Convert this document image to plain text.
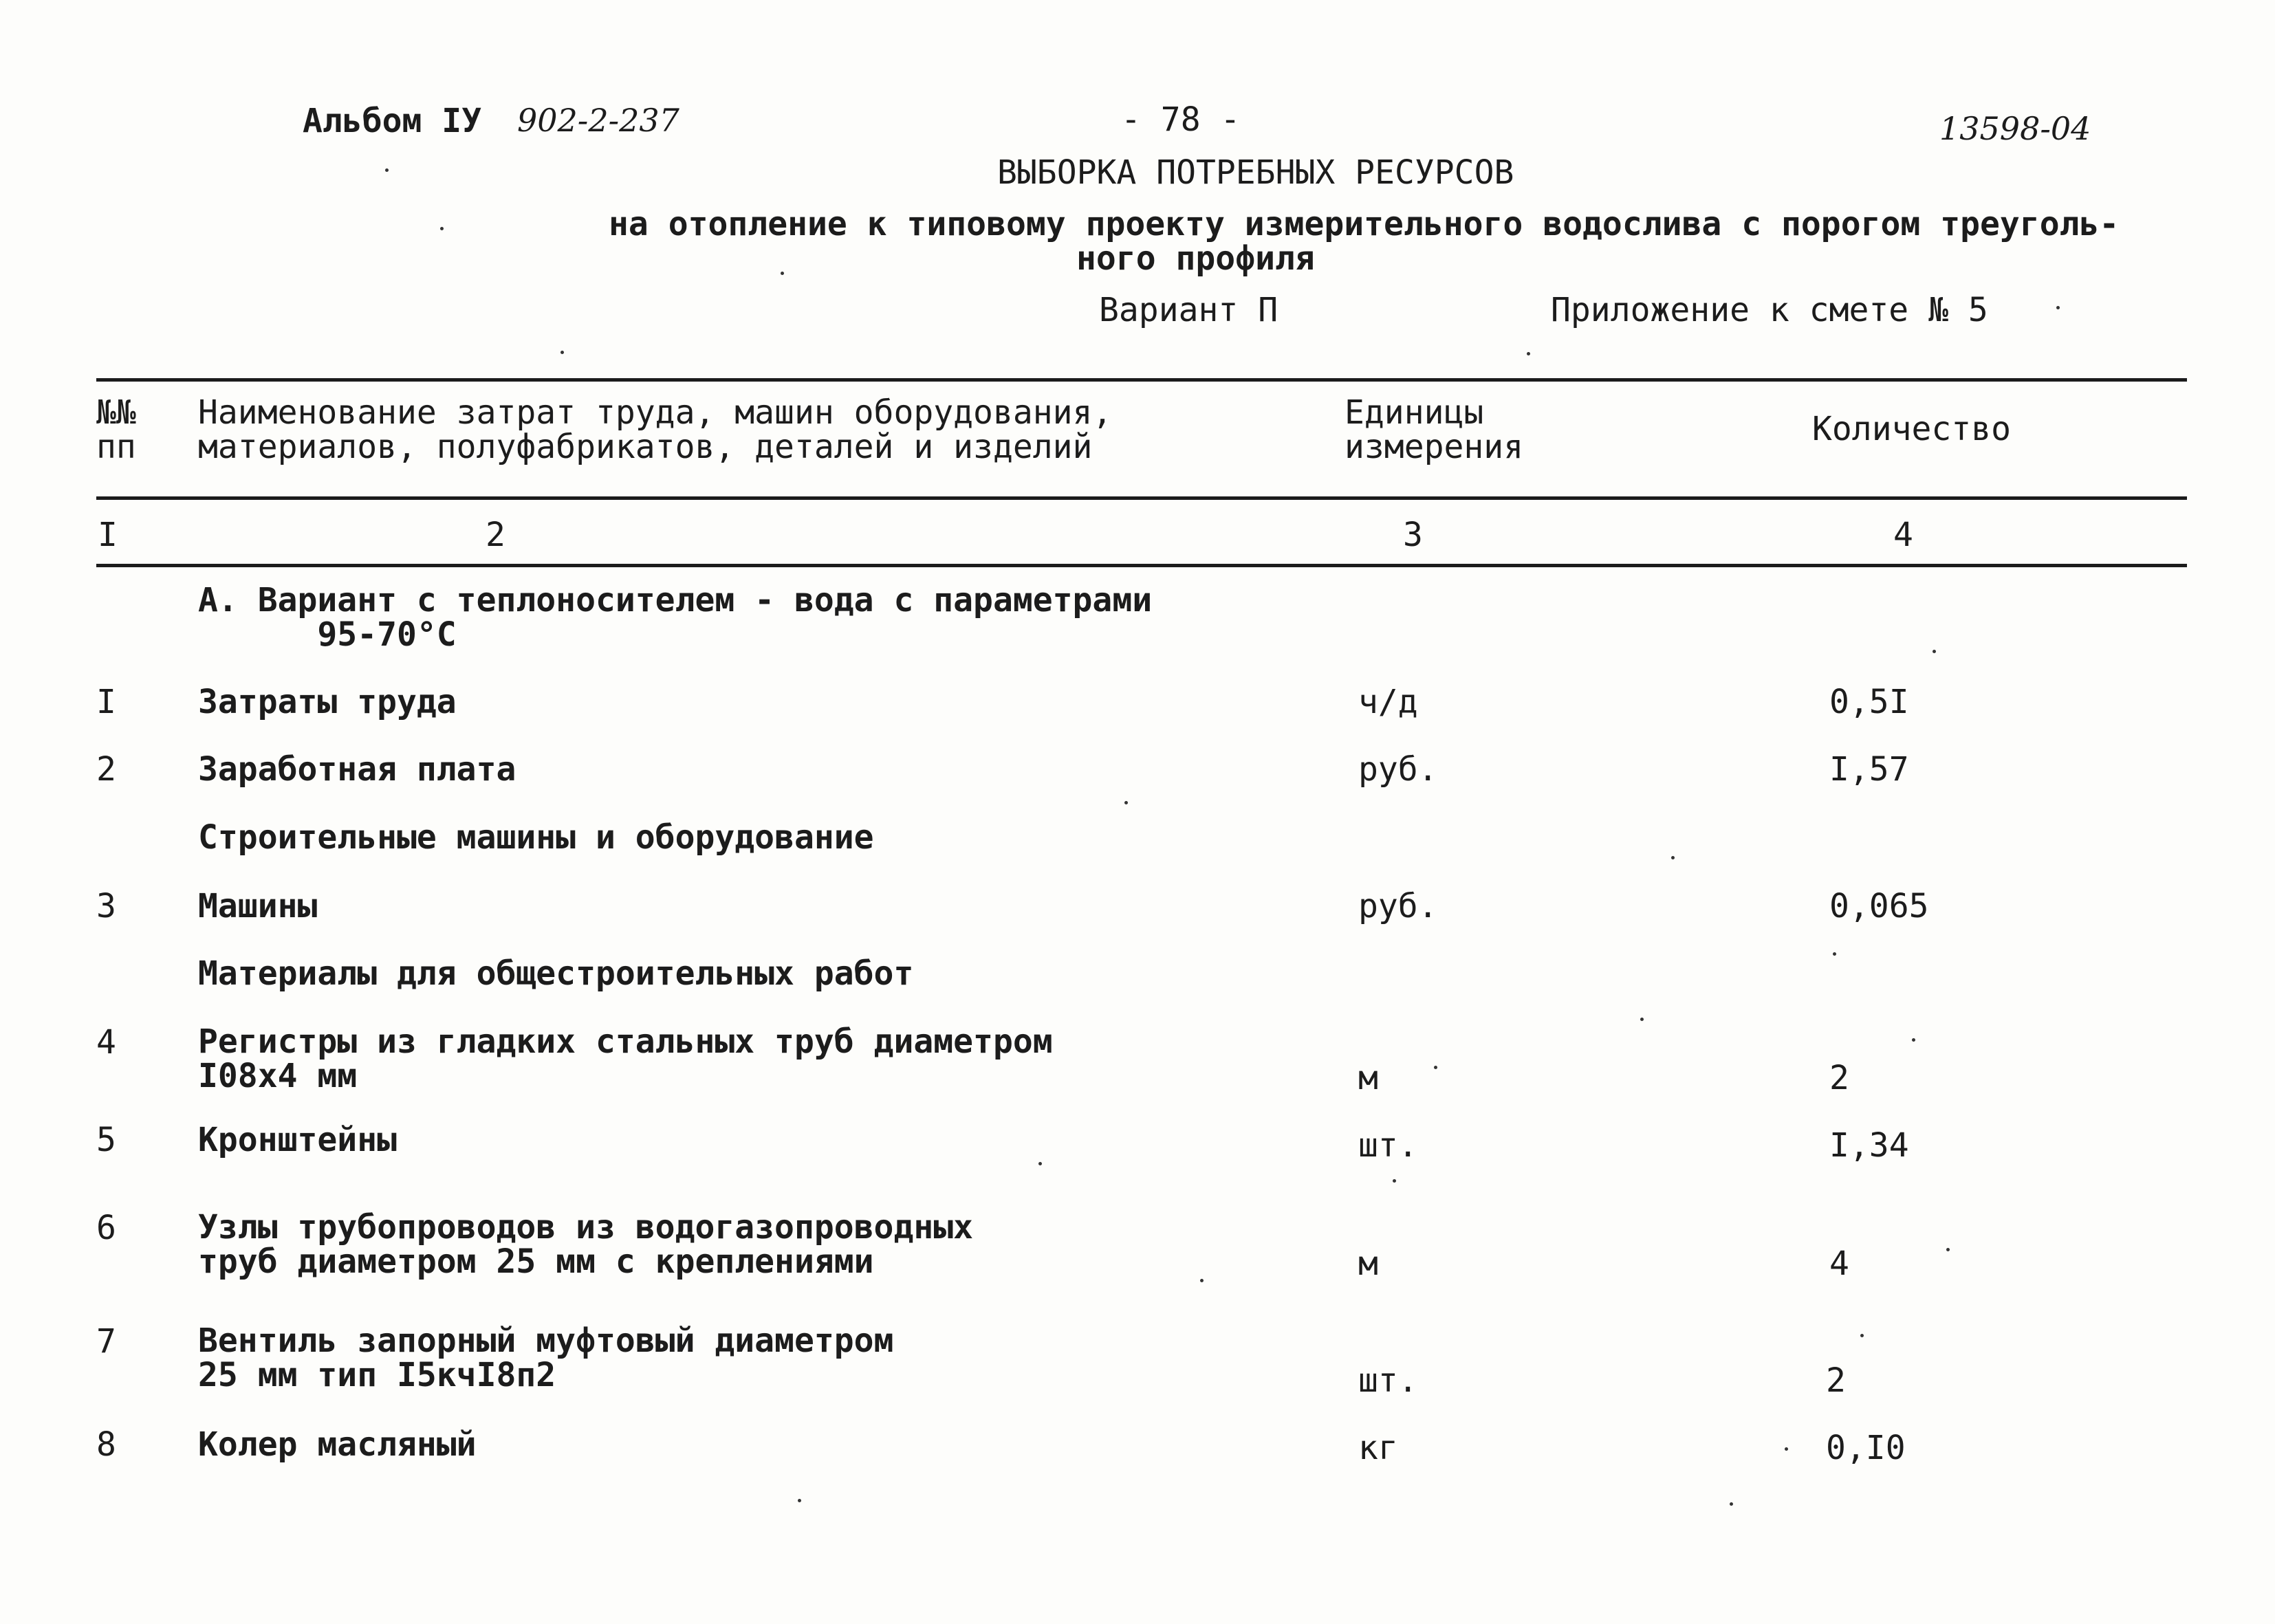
Альбом IУ 902-2-237	- 78 -	13598-04
ВЫБОРКА ПОТРЕБНЫХ РЕСУРСОВ
на отопление к типовому проекту измерительного водослива с порогом треуголь-
ного профиля
Вариант П	Приложение к смете № 5
№№
пп
Наименование затрат труда, машин оборудования,
материалов, полуфабрикатов, деталей и изделий
Единицы
измерения	Количество
I	2	3	4
А. Вариант с теплоносителем - вода с параметрами
95-70°С
I Затраты труда	ч/д	0,5I
2 Заработная плата	руб.	I,57
Строительные машины и оборудование
3 Машины	руб.	0,065
Материалы для общестроительных работ
4 Регистры из гладких стальных труб диаметром
I08х4 мм	м	2
5 Кронштейны	шт.	I,34
6 Узлы трубопроводов из водогазопроводных
труб диаметром 25 мм с креплениями	м	4
7 Вентиль запорный муфтовый диаметром
25 мм тип I5кчI8п2	шт.	2
8 Колер масляный	кг	0,I0
